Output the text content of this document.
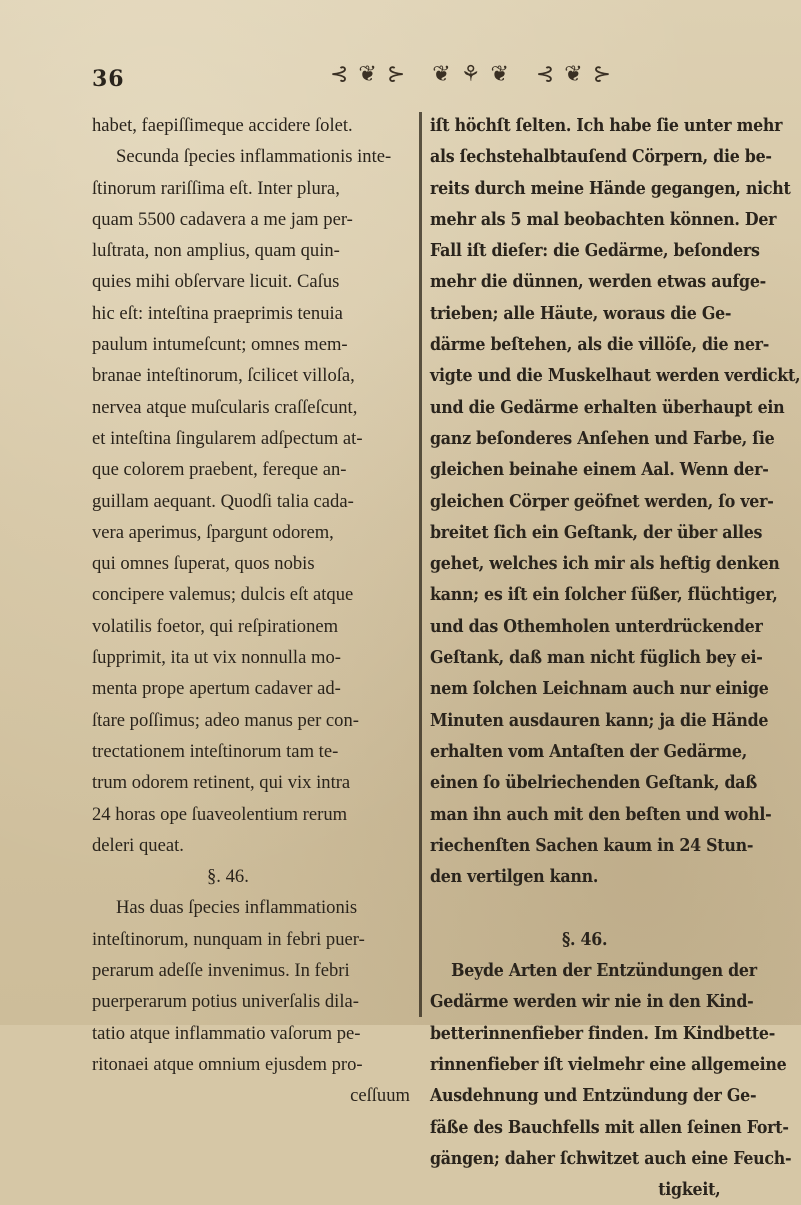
36	⊰❦⊱ ❦⚘❦ ⊰❦⊱
habet, faepiſſimeque accidere ſolet.
Secunda ſpecies inflammationis inte-
ſtinorum rariſſima eſt. Inter plura,
quam 5500 cadavera a me jam per-
luſtrata, non amplius, quam quin-
quies mihi obſervare licuit. Caſus
hic eſt: inteſtina praeprimis tenuia
paulum intumeſcunt; omnes mem-
branae inteſtinorum, ſcilicet villoſa,
nervea atque muſcularis craſſeſcunt,
et inteſtina ſingularem adſpectum at-
que colorem praebent, fereque an-
guillam aequant. Quodſi talia cada-
vera aperimus, ſpargunt odorem,
qui omnes ſuperat, quos nobis
concipere valemus; dulcis eſt atque
volatilis foetor, qui reſpirationem
ſupprimit, ita ut vix nonnulla mo-
menta prope apertum cadaver ad-
ſtare poſſimus; adeo manus per con-
trectationem inteſtinorum tam te-
trum odorem retinent, qui vix intra
24 horas ope ſuaveolentium rerum
deleri queat.
§. 46.
Has duas ſpecies inflammationis
inteſtinorum, nunquam in febri puer-
perarum adeſſe invenimus. In febri
puerperarum potius univerſalis dila-
tatio atque inflammatio vaſorum pe-
ritonaei atque omnium ejusdem pro-
ceſſuum
iſt höchſt ſelten. Ich habe ſie unter mehr
als ſechstehalbtauſend Cörpern, die be-
reits durch meine Hände gegangen, nicht
mehr als 5 mal beobachten können. Der
Fall iſt dieſer: die Gedärme, beſonders
mehr die dünnen, werden etwas aufge-
trieben; alle Häute, woraus die Ge-
därme beſtehen, als die villöſe, die ner-
vigte und die Muskelhaut werden verdickt,
und die Gedärme erhalten überhaupt ein
ganz beſonderes Anſehen und Farbe, ſie
gleichen beinahe einem Aal. Wenn der-
gleichen Cörper geöfnet werden, ſo ver-
breitet ſich ein Geſtank, der über alles
gehet, welches ich mir als heftig denken
kann; es iſt ein ſolcher ſüßer, flüchtiger,
und das Othemholen unterdrückender
Geſtank, daß man nicht füglich bey ei-
nem ſolchen Leichnam auch nur einige
Minuten ausdauren kann; ja die Hände
erhalten vom Antaſten der Gedärme,
einen ſo übelriechenden Geſtank, daß
man ihn auch mit den beſten und wohl-
riechenſten Sachen kaum in 24 Stun-
den vertilgen kann.
§. 46.
Beyde Arten der Entzündungen der
Gedärme werden wir nie in den Kind-
betterinnenfieber finden. Im Kindbette-
rinnenfieber iſt vielmehr eine allgemeine
Ausdehnung und Entzündung der Ge-
fäße des Bauchfells mit allen ſeinen Fort-
gängen; daher ſchwitzet auch eine Feuch-
tigkeit,
